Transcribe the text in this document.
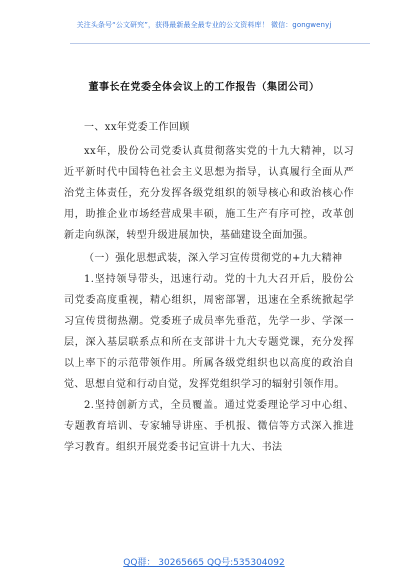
关注头条号“公文研究”，获得最新最全最专业的公文资料库！ 微信：gongwenyj
董事长在党委全体会议上的工作报告（集团公司）

一、xx年党委工作回顾

xx年，股份公司党委认真贯彻落实党的十九大精神，以习近平新时代中国特色社会主义思想为指导，认真履行全面从严治党主体责任，充分发挥各级党组织的领导核心和政治核心作用，助推企业市场经营成果丰硕，施工生产有序可控，改革创新走向纵深，转型升级进展加快，基础建设全面加强。

（一）强化思想武装，深入学习宣传贯彻党的+九大精神

1.坚持领导带头，迅速行动。党的十九大召开后，股份公司党委高度重视，精心组织，周密部署，迅速在全系统掀起学习宣传贯彻热潮。党委班子成员率先垂范，先学一步、学深一层，深入基层联系点和所在支部讲十九大专题党课，充分发挥以上率下的示范带领作用。所属各级党组织也以高度的政治自觉、思想自觉和行动自觉，发挥党组织学习的辐射引领作用。

2.坚持创新方式，全员覆盖。通过党委理论学习中心组、专题教育培训、专家辅导讲座、手机报、微信等方式深入推进学习教育。组织开展党委书记宣讲十九大、书法

QQ群： 30265665 QQ号:535304092
